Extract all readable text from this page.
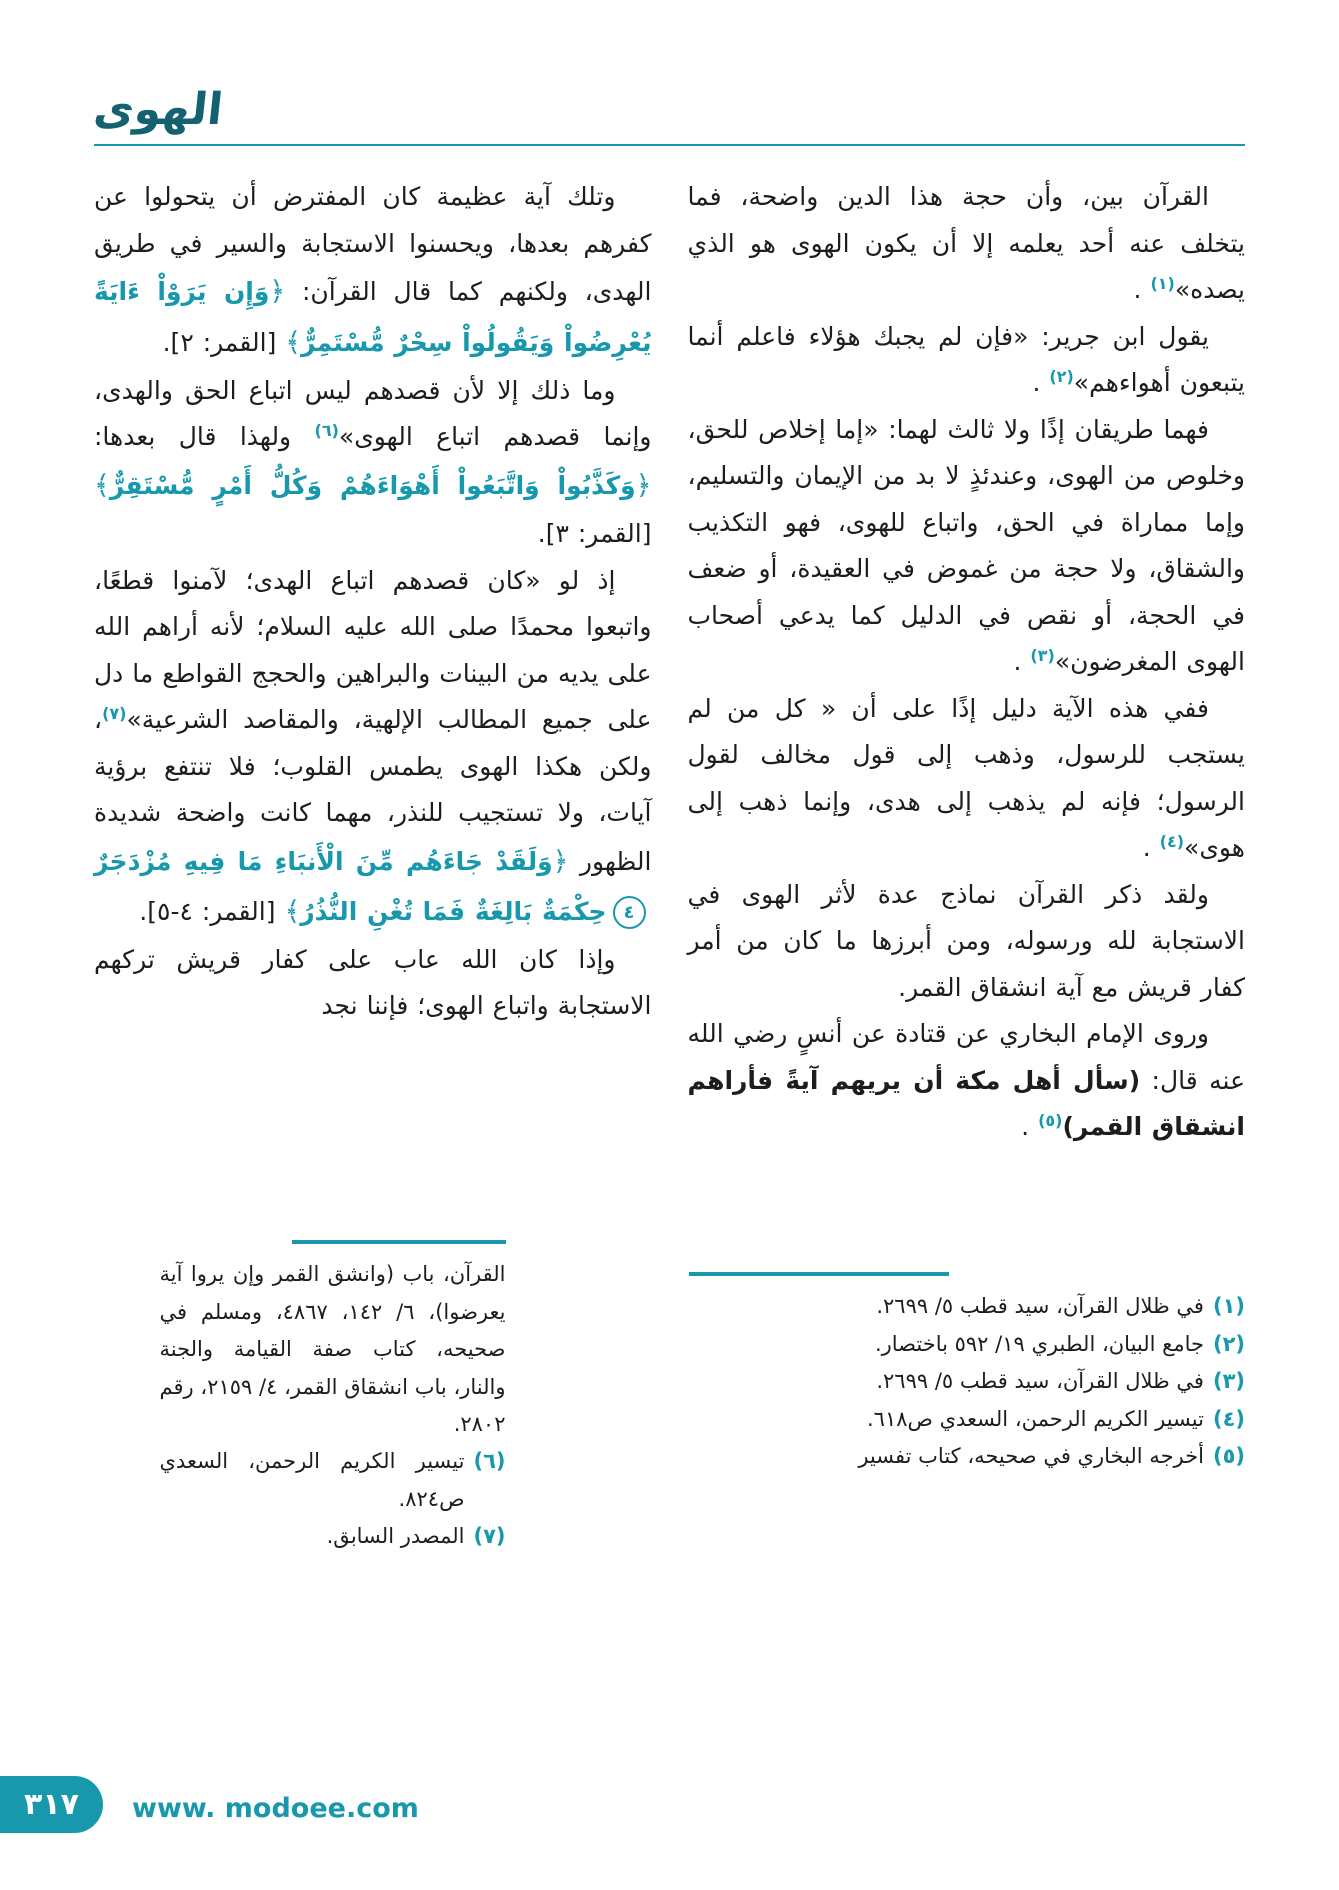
الهوى

القرآن بين، وأن حجة هذا الدين واضحة، فما يتخلف عنه أحد يعلمه إلا أن يكون الهوى هو الذي يصده»$^{(١)}$ .

يقول ابن جرير: «فإن لم يجبك هؤلاء فاعلم أنما يتبعون أهواءهم»$^{(٢)}$ .

فهما طريقان إذًا ولا ثالث لهما: «إما إخلاص للحق، وخلوص من الهوى، وعندئذٍ لا بد من الإيمان والتسليم، وإما مماراة في الحق، واتباع للهوى، فهو التكذيب والشقاق، ولا حجة من غموض في العقيدة، أو ضعف في الحجة، أو نقص في الدليل كما يدعي أصحاب الهوى المغرضون»$^{(٣)}$ .

ففي هذه الآية دليل إذًا على أن « كل من لم يستجب للرسول، وذهب إلى قول مخالف لقول الرسول؛ فإنه لم يذهب إلى هدى، وإنما ذهب إلى هوى»$^{(٤)}$ .

ولقد ذكر القرآن نماذج عدة لأثر الهوى في الاستجابة لله ورسوله، ومن أبرزها ما كان من أمر كفار قريش مع آية انشقاق القمر.

وروى الإمام البخاري عن قتادة عن أنسٍ رضي الله عنه قال: (سأل أهل مكة أن يريهم آيةً فأراهم انشقاق القمر)$^{(٥)}$ .

(١)
في ظلال القرآن، سيد قطب ٥/ ٢٦٩٩.
(٢)
جامع البيان، الطبري ١٩/ ٥٩٢ باختصار.
(٣)
في ظلال القرآن، سيد قطب ٥/ ٢٦٩٩.
(٤)
تيسير الكريم الرحمن، السعدي ص٦١٨.
(٥)
أخرجه البخاري في صحيحه، كتاب تفسير

وتلك آية عظيمة كان المفترض أن يتحولوا عن كفرهم بعدها، ويحسنوا الاستجابة والسير في طريق الهدى، ولكنهم كما قال القرآن: ﴿وَإِن يَرَوْاْ ءَايَةً يُعْرِضُواْ وَيَقُولُواْ سِحْرٌ مُّسْتَمِرٌّ﴾ [القمر: ٢].

وما ذلك إلا لأن قصدهم ليس اتباع الحق والهدى، وإنما قصدهم اتباع الهوى»$^{(٦)}$ ولهذا قال بعدها: ﴿وَكَذَّبُواْ وَاتَّبَعُواْ أَهْوَاءَهُمْ وَكُلُّ أَمْرٍ مُّسْتَقِرٌّ﴾ [القمر: ٣].

إذ لو «كان قصدهم اتباع الهدى؛ لآمنوا قطعًا، واتبعوا محمدًا صلى الله عليه السلام؛ لأنه أراهم الله على يديه من البينات والبراهين والحجج القواطع ما دل على جميع المطالب الإلهية، والمقاصد الشرعية»$^{(٧)}$، ولكن هكذا الهوى يطمس القلوب؛ فلا تنتفع برؤية آيات، ولا تستجيب للنذر، مهما كانت واضحة شديدة الظهور ﴿وَلَقَدْ جَاءَهُم مِّنَ الْأَنبَاءِ مَا فِيهِ مُزْدَجَرٌ٤حِكْمَةٌ بَالِغَةٌ فَمَا تُغْنِ النُّذُرُ﴾ [القمر: ٤-٥].

وإذا كان الله عاب على كفار قريش تركهم الاستجابة واتباع الهوى؛ فإننا نجد

القرآن، باب (وانشق القمر وإن يروا آية يعرضوا)، ٦/ ١٤٢، ٤٨٦٧، ومسلم في صحيحه، كتاب صفة القيامة والجنة والنار، باب انشقاق القمر، ٤/ ٢١٥٩، رقم ٢٨٠٢.
(٦)
تيسير الكريم الرحمن، السعدي ص٨٢٤.
(٧)
المصدر السابق.
٣١٧ www. modoee.com
